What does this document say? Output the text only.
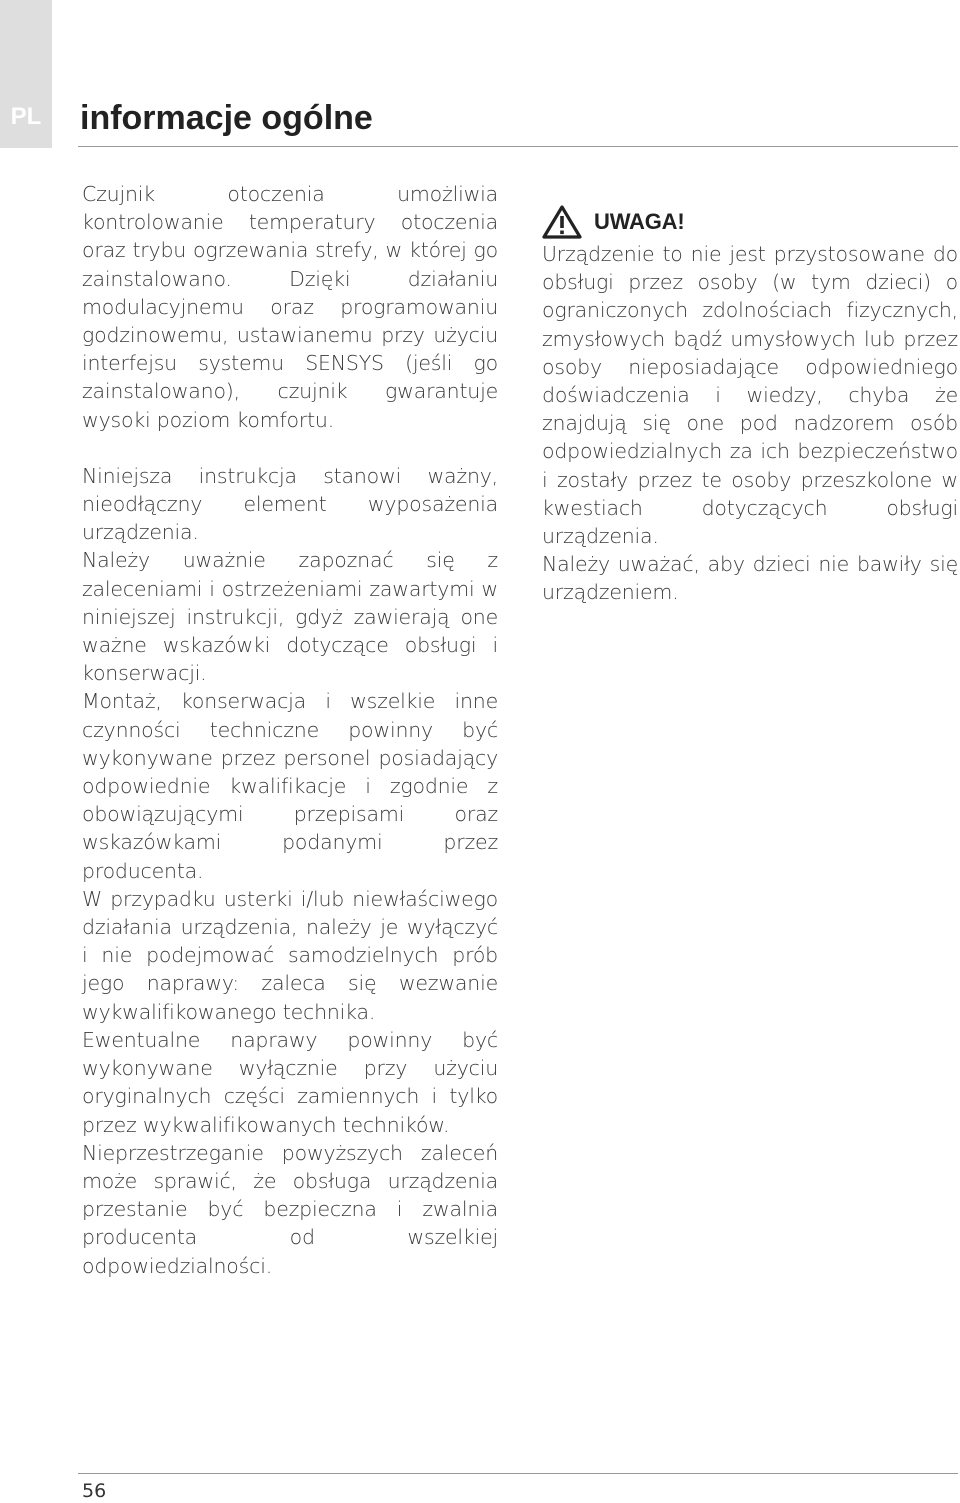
PL	informacje ogólne

Czujnik otoczenia umożliwia kontrolowanie temperatury otoczenia oraz trybu ogrzewania strefy, w której go zainstalowano. Dzięki działaniu modulacyjnemu oraz programowaniu godzinowemu, ustawianemu przy użyciu interfejsu systemu SENSYS (jeśli go zainstalowano), czujnik gwarantuje wysoki poziom komfortu.

Niniejsza instrukcja stanowi ważny, nieodłączny element wyposażenia urządzenia.

Należy uważnie zapoznać się z zaleceniami i ostrzeżeniami zawartymi w niniejszej instrukcji, gdyż zawierają one ważne wskazówki dotyczące obsługi i konserwacji.

Montaż, konserwacja i wszelkie inne czynności techniczne powinny być wykonywane przez personel posiadający odpowiednie kwalifikacje i zgodnie z obowiązującymi przepisami oraz wskazówkami podanymi przez producenta.

W przypadku usterki i/lub niewłaściwego działania urządzenia, należy je wyłączyć i nie podejmować samodzielnych prób jego naprawy: zaleca się wezwanie wykwalifikowanego technika.

Ewentualne naprawy powinny być wykonywane wyłącznie przy użyciu oryginalnych części zamiennych i tylko przez wykwalifikowanych techników.

Nieprzestrzeganie powyższych zaleceń może sprawić, że obsługa urządzenia przestanie być bezpieczna i zwalnia producenta od wszelkiej odpowiedzialności.

UWAGA!

Urządzenie to nie jest przystosowane do obsługi przez osoby (w tym dzieci) o ograniczonych zdolnościach fizycznych, zmysłowych bądź umysłowych lub przez osoby nieposiadające odpowiedniego doświadczenia i wiedzy, chyba że znajdują się one pod nadzorem osób odpowiedzialnych za ich bezpieczeństwo i zostały przez te osoby przeszkolone w kwestiach dotyczących obsługi urządzenia.

Należy uważać, aby dzieci nie bawiły się urządzeniem.

56
